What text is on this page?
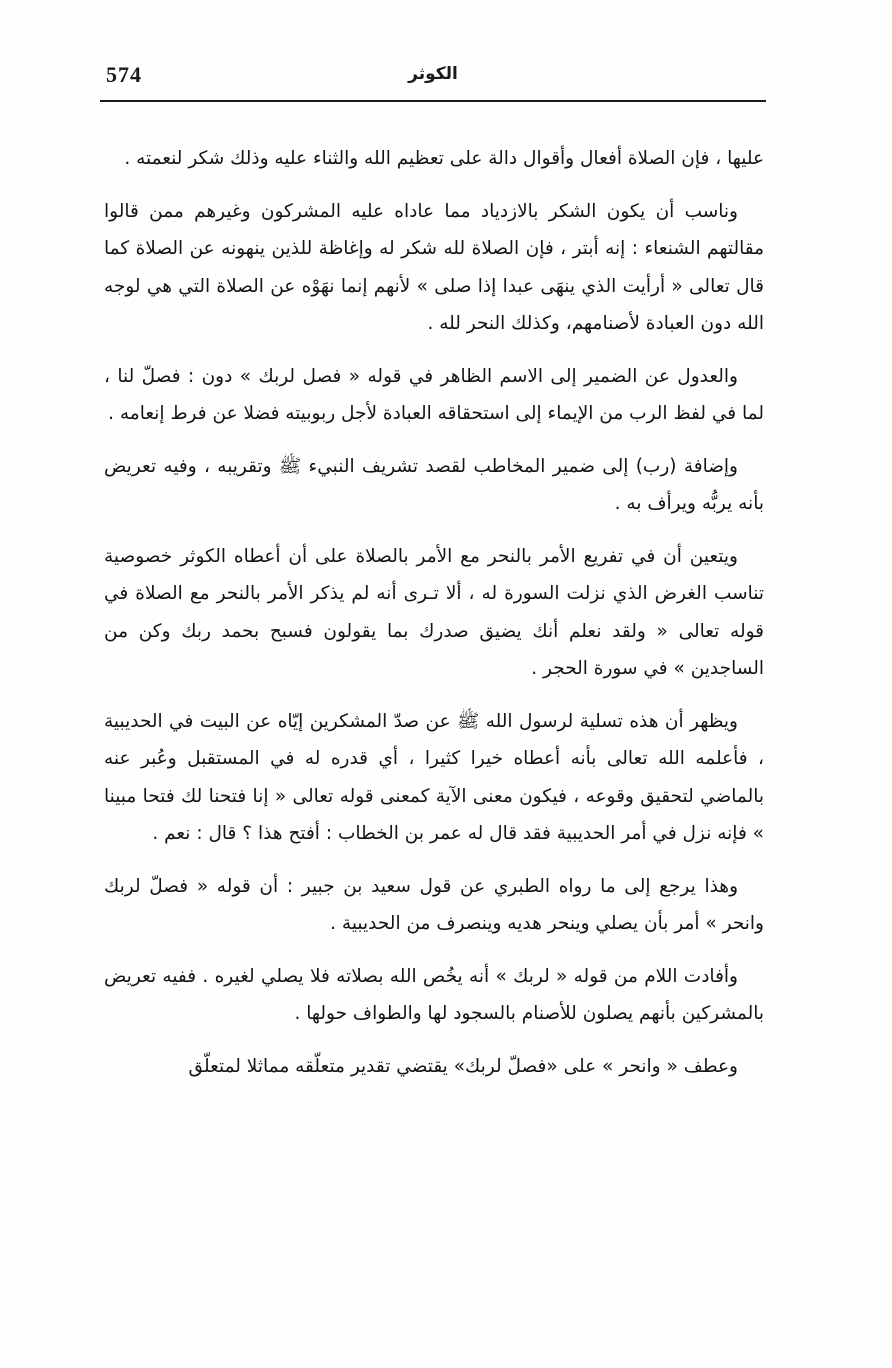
574	الكوثر

عليها ، فإن الصلاة أفعال وأقوال دالة على تعظيم الله والثناء عليه وذلك شكر لنعمته .

وناسب أن يكون الشكر بالازدياد مما عاداه عليه المشركون وغيرهم ممن قالوا مقالتهم الشنعاء : إنه أبتر ، فإن الصلاة لله شكر له وإغاظة للذين ينهونه عن الصلاة كما قال تعالى « أرأيت الذي ينهَى عبدا إذا صلى » لأنهم إنما نهَوْه عن الصلاة التي هي لوجه الله دون العبادة لأصنامهم، وكذلك النحر لله .

والعدول عن الضمير إلى الاسم الظاهر في قوله « فصل لربك » دون : فصلّ لنا ، لما في لفظ الرب من الإيماء إلى استحقاقه العبادة لأجل ربوبيته فضلا عن فرط إنعامه .

وإضافة (رب) إلى ضمير المخاطب لقصد تشريف النبيء ﷺ وتقريبه ، وفيه تعريض بأنه يربُّه ويرأف به .

ويتعين أن في تفريع الأمر بالنحر مع الأمر بالصلاة على أن أعطاه الكوثر خصوصية تناسب الغرض الذي نزلت السورة له ، ألا تـرى أنه لم يذكر الأمر بالنحر مع الصلاة في قوله تعالى « ولقد نعلم أنك يضيق صدرك بما يقولون فسبح بحمد ربك وكن من الساجدين » في سورة الحجر .

ويظهر أن هذه تسلية لرسول الله ﷺ عن صدّ المشكرين إيّاه عن البيت في الحديبية ، فأعلمه الله تعالى بأنه أعطاه خيرا كثيرا ، أي قدره له في المستقبل وعُبر عنه بالماضي لتحقيق وقوعه ، فيكون معنى الآية كمعنى قوله تعالى « إنا فتحنا لك فتحا مبينا » فإنه نزل في أمر الحديبية فقد قال له عمر بن الخطاب : أفتح هذا ؟ قال : نعم .

وهذا يرجع إلى ما رواه الطبري عن قول سعيد بن جبير : أن قوله « فصلّ لربك وانحر » أمر بأن يصلي وينحر هديه وينصرف من الحديبية .

وأفادت اللام من قوله « لربك » أنه يخُص الله بصلاته فلا يصلي لغيره . ففيه تعريض بالمشركين بأنهم يصلون للأصنام بالسجود لها والطواف حولها .

وعطف « وانحر » على «فصلّ لربك» يقتضي تقدير متعلّقه مماثلا لمتعلّق
